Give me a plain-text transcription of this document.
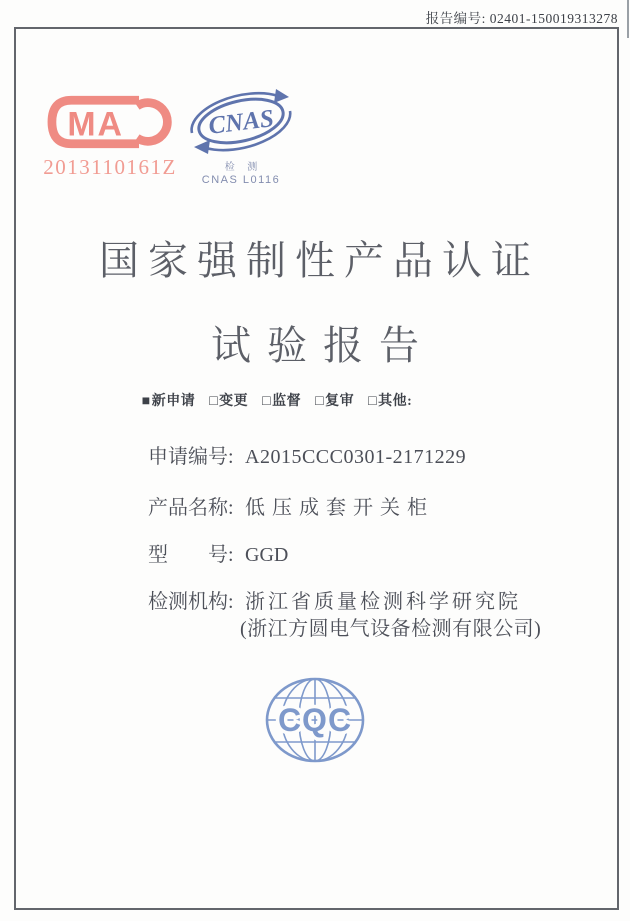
报告编号: 02401-150019313278
MA
2013110161Z
CNAS
检 测
CNAS L0116
国家强制性产品认证
试验报告
■新申请 □变更 □监督 □复审 □其他:
申请编号: A2015CCC0301-2171229
产品名称: 低压成套开关柜
型　　号: GGD
检测机构: 浙江省质量检测科学研究院
(浙江方圆电气设备检测有限公司)
CQC
